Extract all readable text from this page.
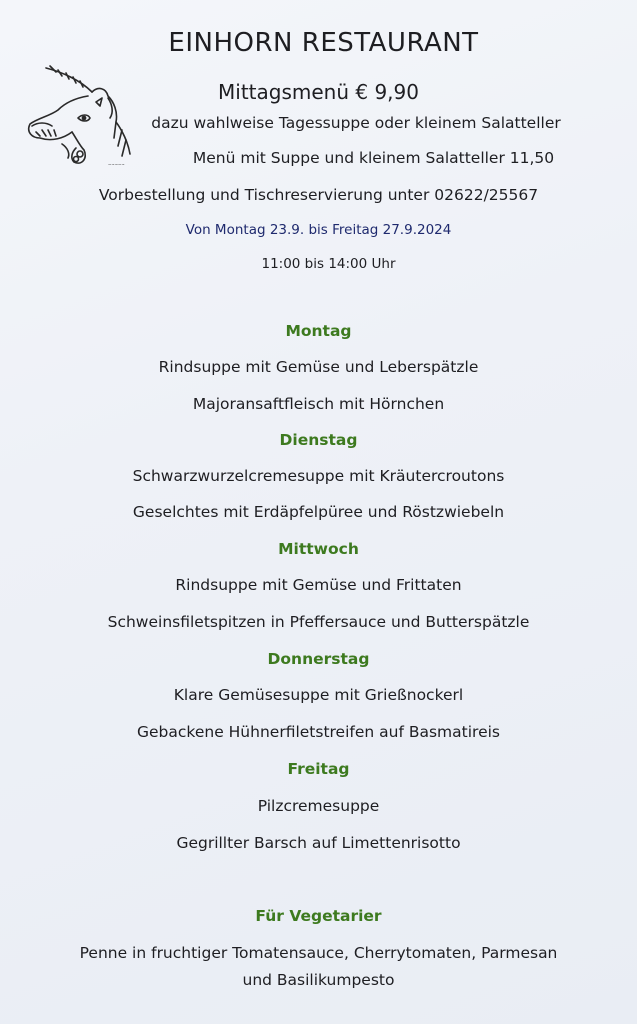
EINHORN RESTAURANT
~~~~~
Mittagsmenü € 9,90
dazu wahlweise Tagessuppe oder kleinem Salatteller
Menü mit Suppe und kleinem Salatteller 11,50
Vorbestellung und Tischreservierung unter 02622/25567
Von Montag 23.9. bis Freitag 27.9.2024
11:00 bis 14:00 Uhr
Montag
Rindsuppe mit Gemüse und Leberspätzle
Majoransaftfleisch mit Hörnchen
Dienstag
Schwarzwurzelcremesuppe mit Kräutercroutons
Geselchtes mit Erdäpfelpüree und Röstzwiebeln
Mittwoch
Rindsuppe mit Gemüse und Frittaten
Schweinsfiletspitzen in Pfeffersauce und Butterspätzle
Donnerstag
Klare Gemüsesuppe mit Grießnockerl
Gebackene Hühnerfiletstreifen auf Basmatireis
Freitag
Pilzcremesuppe
Gegrillter Barsch auf Limettenrisotto
Für Vegetarier
Penne in fruchtiger Tomatensauce, Cherrytomaten, Parmesan
und Basilikumpesto
